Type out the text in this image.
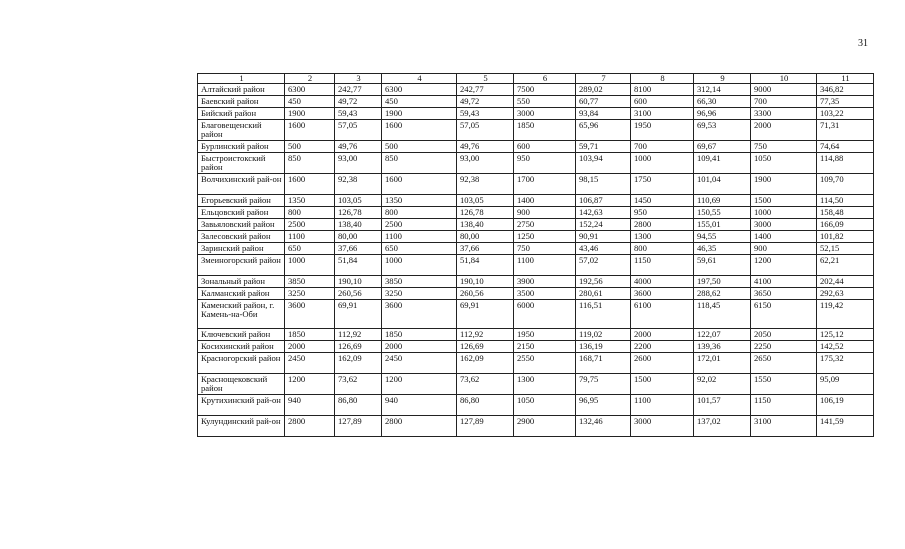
31
1	2	3	4	5	6	7	8	9	10	11
Алтайский район	6300	242,77	6300	242,77	7500	289,02	8100	312,14	9000	346,82
Баевский район	450	49,72	450	49,72	550	60,77	600	66,30	700	77,35
Бийский район	1900	59,43	1900	59,43	3000	93,84	3100	96,96	3300	103,22
Благовещенский район	1600	57,05	1600	57,05	1850	65,96	1950	69,53	2000	71,31
Бурлинский район	500	49,76	500	49,76	600	59,71	700	69,67	750	74,64
Быстроистокский район	850	93,00	850	93,00	950	103,94	1000	109,41	1050	114,88
Волчихинский рай-он	1600	92,38	1600	92,38	1700	98,15	1750	101,04	1900	109,70
Егорьевский район	1350	103,05	1350	103,05	1400	106,87	1450	110,69	1500	114,50
Ельцовский район	800	126,78	800	126,78	900	142,63	950	150,55	1000	158,48
Завьяловский район	2500	138,40	2500	138,40	2750	152,24	2800	155,01	3000	166,09
Залесовский район	1100	80,00	1100	80,00	1250	90,91	1300	94,55	1400	101,82
Заринский район	650	37,66	650	37,66	750	43,46	800	46,35	900	52,15
Змеиногорский район	1000	51,84	1000	51,84	1100	57,02	1150	59,61	1200	62,21
Зональный район	3850	190,10	3850	190,10	3900	192,56	4000	197,50	4100	202,44
Калманский район	3250	260,56	3250	260,56	3500	280,61	3600	288,62	3650	292,63
Каменский район, г. Камень-на-Оби	3600	69,91	3600	69,91	6000	116,51	6100	118,45	6150	119,42
Ключевский район	1850	112,92	1850	112,92	1950	119,02	2000	122,07	2050	125,12
Косихинский район	2000	126,69	2000	126,69	2150	136,19	2200	139,36	2250	142,52
Красногорский район	2450	162,09	2450	162,09	2550	168,71	2600	172,01	2650	175,32
Краснощековский район	1200	73,62	1200	73,62	1300	79,75	1500	92,02	1550	95,09
Крутихинский рай-он	940	86,80	940	86,80	1050	96,95	1100	101,57	1150	106,19
Кулундинский рай-он	2800	127,89	2800	127,89	2900	132,46	3000	137,02	3100	141,59
